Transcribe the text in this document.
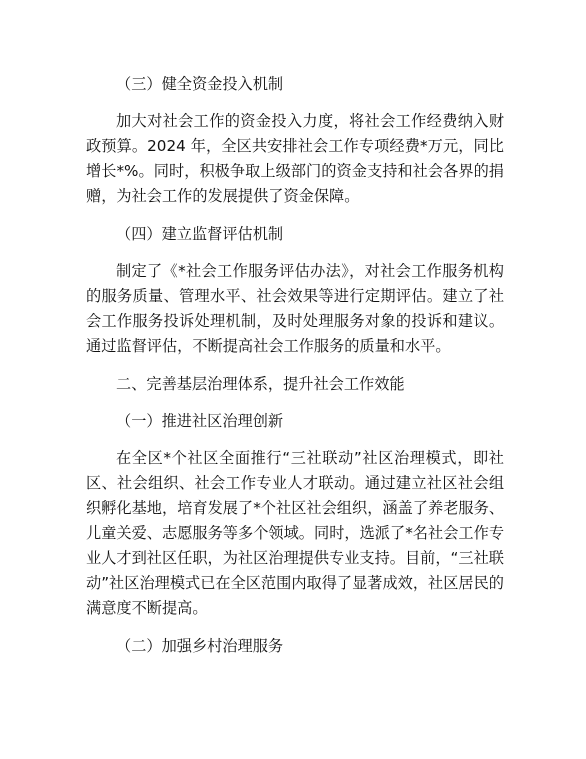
（三）健全资金投入机制

加大对社会工作的资金投入力度，将社会工作经费纳入财政预算。2024 年，全区共安排社会工作专项经费*万元，同比增长*%。同时，积极争取上级部门的资金支持和社会各界的捐赠，为社会工作的发展提供了资金保障。

（四）建立监督评估机制

制定了《*社会工作服务评估办法》，对社会工作服务机构的服务质量、管理水平、社会效果等进行定期评估。建立了社会工作服务投诉处理机制，及时处理服务对象的投诉和建议。通过监督评估，不断提高社会工作服务的质量和水平。

二、完善基层治理体系，提升社会工作效能

（一）推进社区治理创新

在全区*个社区全面推行“三社联动”社区治理模式，即社区、社会组织、社会工作专业人才联动。通过建立社区社会组织孵化基地，培育发展了*个社区社会组织，涵盖了养老服务、儿童关爱、志愿服务等多个领域。同时，选派了*名社会工作专业人才到社区任职，为社区治理提供专业支持。目前，“三社联动”社区治理模式已在全区范围内取得了显著成效，社区居民的满意度不断提高。

（二）加强乡村治理服务
